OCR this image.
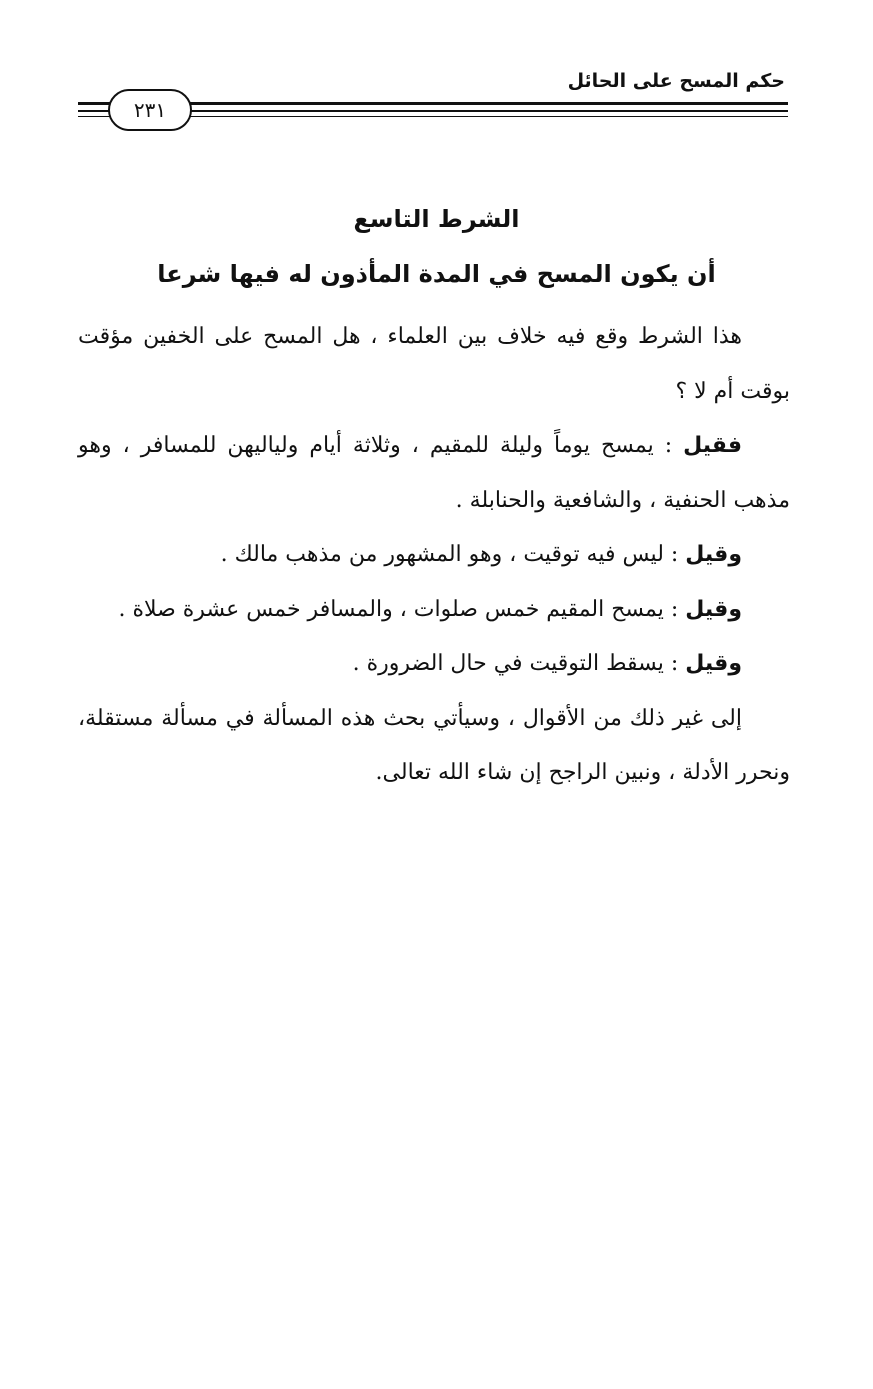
حكم المسح على الحائل
٢٣١
الشرط التاسع
أن يكون المسح في المدة المأذون له فيها شرعا

هذا الشرط وقع فيه خلاف بين العلماء ، هل المسح على الخفين مؤقت بوقت أم لا ؟

فقيل : يمسح يوماً وليلة للمقيم ، وثلاثة أيام ولياليهن للمسافر ، وهو مذهب الحنفية ، والشافعية والحنابلة .

وقيل : ليس فيه توقيت ، وهو المشهور من مذهب مالك .

وقيل : يمسح المقيم خمس صلوات ، والمسافر خمس عشرة صلاة .

وقيل : يسقط التوقيت في حال الضرورة .

إلى غير ذلك من الأقوال ، وسيأتي بحث هذه المسألة في مسألة مستقلة، ونحرر الأدلة ، ونبين الراجح إن شاء الله تعالى.
